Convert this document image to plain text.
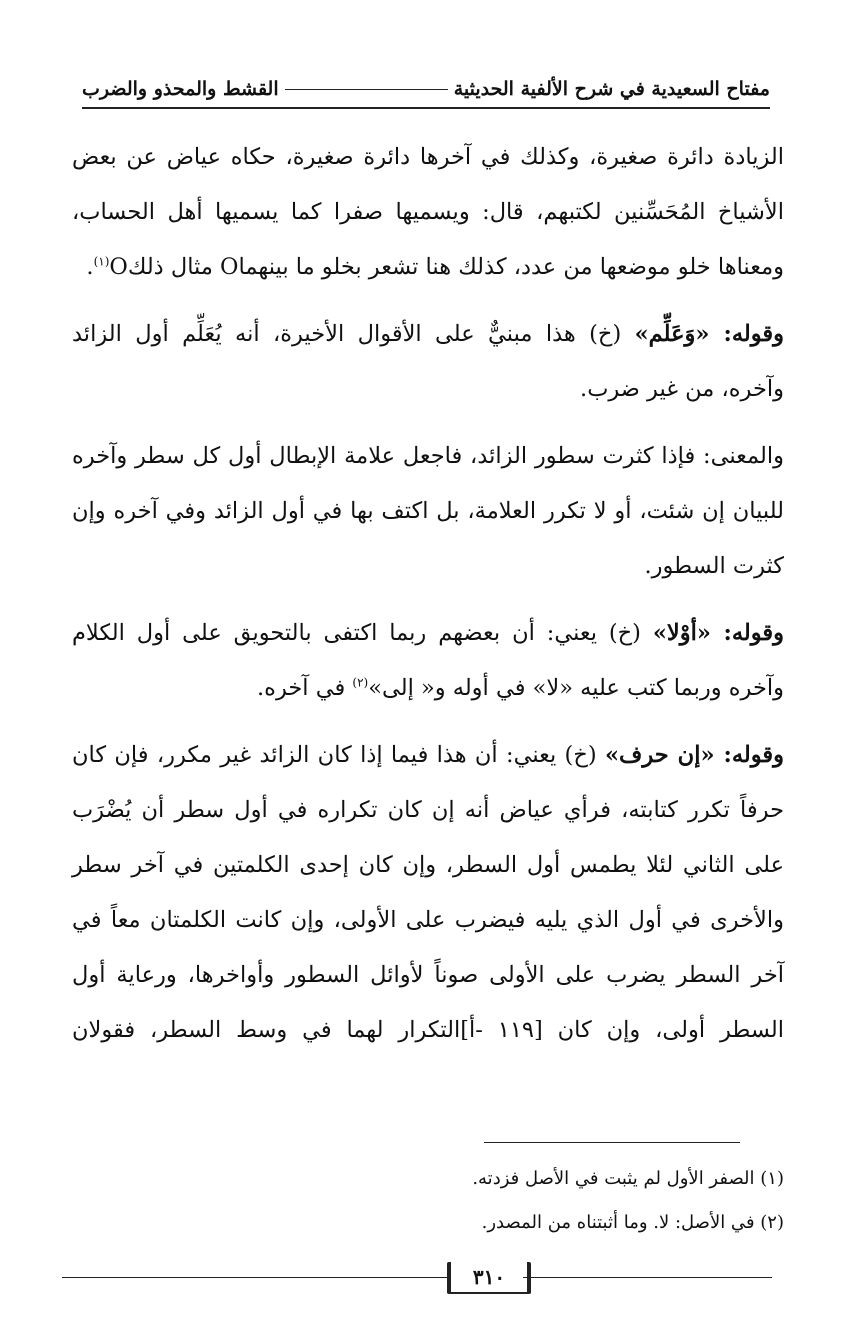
مفتاح السعيدية في شرح الألفية الحديثية
القشط والمحذو والضرب

الزيادة دائرة صغيرة، وكذلك في آخرها دائرة صغيرة، حكاه عياض عن بعض الأشياخ المُحَسِّنين لكتبهم، قال: ويسميها صفرا كما يسميها أهل الحساب، ومعناها خلو موضعها من عدد، كذلك هنا تشعر بخلو ما بينهماO مثال ذلكO$^{(١)}$.

وقوله: «وَعَلِّم» (خ) هذا مبنيٌّ على الأقوال الأخيرة، أنه يُعَلِّم أول الزائد وآخره، من غير ضرب.

والمعنى: فإذا كثرت سطور الزائد، فاجعل علامة الإبطال أول كل سطر وآخره للبيان إن شئت، أو لا تكرر العلامة، بل اكتف بها في أول الزائد وفي آخره وإن كثرت السطور.

وقوله: «أوْلا» (خ) يعني: أن بعضهم ربما اكتفى بالتحويق على أول الكلام وآخره وربما كتب عليه «لا» في أوله و« إلى»$^{(٢)}$ في آخره.

وقوله: «إن حرف» (خ) يعني: أن هذا فيما إذا كان الزائد غير مكرر، فإن كان حرفاً تكرر كتابته، فرأي عياض أنه إن كان تكراره في أول سطر أن يُضْرَب على الثاني لئلا يطمس أول السطر، وإن كان إحدى الكلمتين في آخر سطر والأخرى في أول الذي يليه فيضرب على الأولى، وإن كانت الكلمتان معاً في آخر السطر يضرب على الأولى صوناً لأوائل السطور وأواخرها، ورعاية أول السطر أولى، وإن كان [١١٩ -أ]التكرار لهما في وسط السطر، فقولان

(١) الصفر الأول لم يثبت في الأصل فزدته.
(٢) في الأصل: لا. وما أثبتناه من المصدر.
٣١٠
